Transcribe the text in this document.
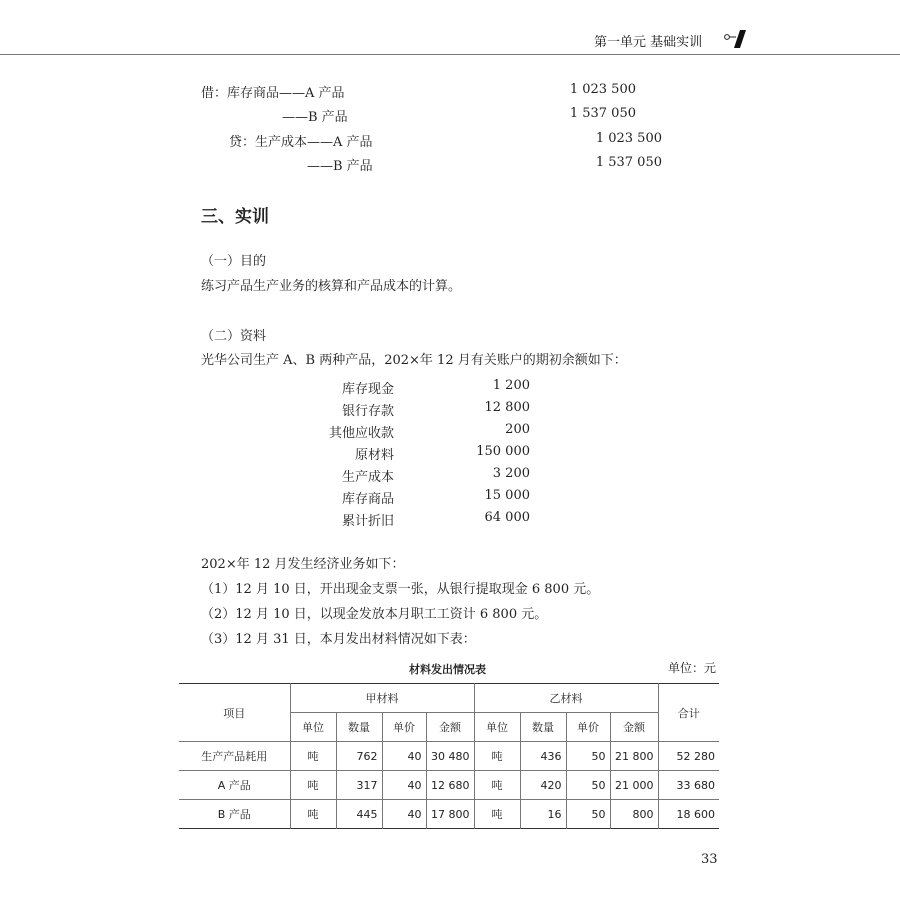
第一单元 基础实训
借：库存商品——A 产品	1 023 500
——B 产品	1 537 050
贷：生产成本——A 产品	1 023 500
——B 产品	1 537 050
三、实训
（一）目的
练习产品生产业务的核算和产品成本的计算。
（二）资料
光华公司生产 A、B 两种产品，202×年 12 月有关账户的期初余额如下：
库存现金	1 200
银行存款	12 800
其他应收款	200
原材料	150 000
生产成本	3 200
库存商品	15 000
累计折旧	64 000
202×年 12 月发生经济业务如下：
（1）12 月 10 日，开出现金支票一张，从银行提取现金 6 800 元。
（2）12 月 10 日，以现金发放本月职工工资计 6 800 元。
（3）12 月 31 日，本月发出材料情况如下表：
材料发出情况表	单位：元
项目	甲材料				乙材料				合计
	单位	数量	单价	金额	单位	数量	单价	金额	
生产产品耗用	吨	762	40	30 480	吨	436	50	21 800	52 280
A 产品	吨	317	40	12 680	吨	420	50	21 000	33 680
B 产品	吨	445	40	17 800	吨	16	50	800	18 600
33
